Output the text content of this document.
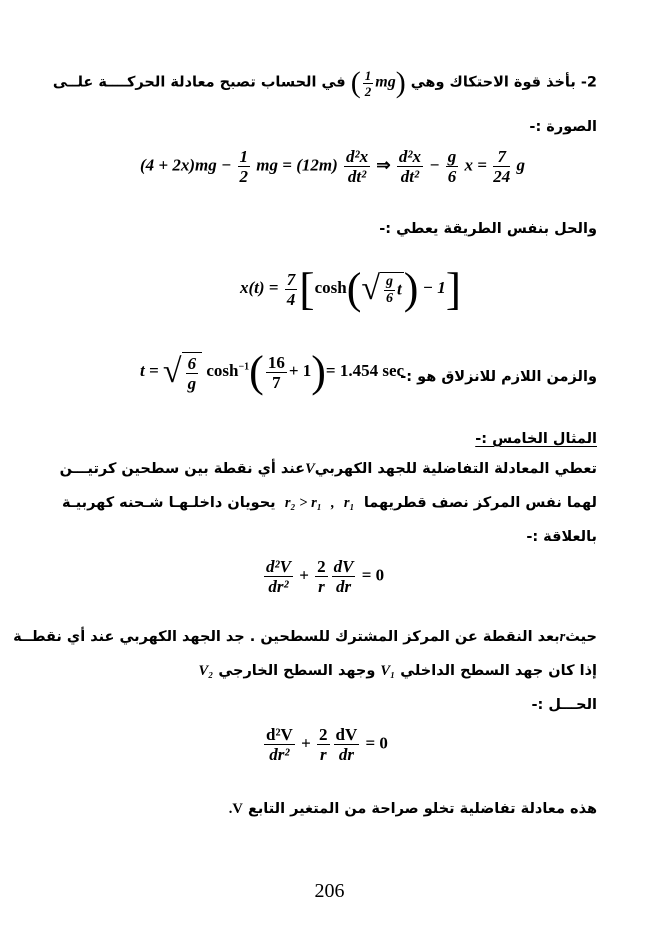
2- بأخذ قوة الاحتكاك وهي ( $\frac{1}{2} mg$) في الحساب تصبح معادلة الحركــــة علــى
الصورة :-
$(4 + 2x)mg - \frac{1}{2}$ mg = $(12m) \frac{\text{d²x}}{\text{dt²}}$ ⇒ $\frac{\text{d²x}}{\text{dt²}} - \frac{g}{6}$ $x = \frac{7}{24}$ g
والحل بنفس الطريقة يعطي :-
$x(t) = \frac{7}{4} [\cosh(√ \frac{g}{6} t) - 1]$
والزمن اللازم للانزلاق هو :-
t = √ $\frac{6}{g} \cosh^{-1}( \frac{16}{7} + 1)= 1.454$ sec
المثال الخامس :-
تعطي المعادلة التفاضلية للجهد الكهربي
V
عند أي نقطة بين سطحين كرتيـــن
لهما نفس المركز نصف قطريهما
r₁
,
r₂ > r₁
يحويان داخلـهـا شـحنه كهربيـة
بالعلاقة :-
$\frac{\text{d²V}}{\text{dr²}} + \frac{2}{r} \frac{dV}{dr} = 0$
حيث
r
بعد النقطة عن المركز المشترك للسطحين . جد الجهد الكهربي عند أي نقطــة
إذا كان جهد السطح الداخلي V₁ وجهد السطح الخارجي V₂
الحـــل :-
$\frac{\text{d²V}}{\text{dr²}} + \frac{2}{r} \frac{dV}{dr} = 0$
هذه معادلة تفاضلية تخلو صراحة من المتغير التابع V.
206
